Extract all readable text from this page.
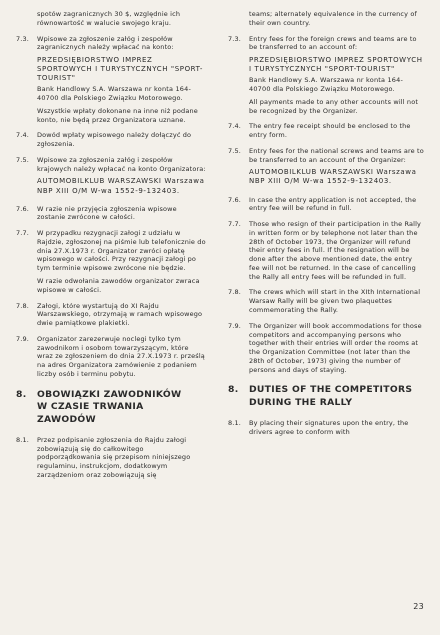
spotów zagranicznych 30 $, względnie ich równowartość w walucie swojego kraju.

7.3.	Wpisowe za zgłoszenie załóg i zespołów zagranicznych należy wpłacać na konto:

PRZEDSIĘBIORSTWO IMPREZ SPORTOWYCH I TURYSTYCZNYCH "SPORT-TOURIST"

Bank Handlowy S.A. Warszawa nr konta 164-40700 dla Polskiego Związku Motorowego.

Wszystkie wpłaty dokonane na inne niż podane konto, nie będą przez Organizatora uznane.

7.4.	Dowód wpłaty wpisowego należy dołączyć do zgłoszenia.

7.5.	Wpisowe za zgłoszenia załóg i zespołów krajowych należy wpłacać na konto Organizatora:

AUTOMOBILKLUB WARSZAWSKI Warszawa NBP XIII O/M W-wa 1552-9-132403.

7.6.	W razie nie przyjęcia zgłoszenia wpisowe zostanie zwrócone w całości.

7.7.	W przypadku rezygnacji załogi z udziału w Rajdzie, zgłoszonej na piśmie lub telefonicznie do dnia 27.X.1973 r. Organizator zwróci opłatę wpisowego w całości. Przy rezygnacji załogi po tym terminie wpisowe zwrócone nie będzie.

W razie odwołania zawodów organizator zwraca wpisowe w całości.

7.8.	Załogi, które wystartują do XI Rajdu Warszawskiego, otrzymają w ramach wpisowego dwie pamiątkowe plakietki.

7.9.	Organizator zarezerwuje noclegi tylko tym zawodnikom i osobom towarzyszącym, które wraz ze zgłoszeniem do dnia 27.X.1973 r. prześlą na adres Organizatora zamówienie z podaniem liczby osób i terminu pobytu.

8.	OBOWIĄZKI ZAWODNIKÓW
W CZASIE TRWANIA ZAWODÓW
8.1.	Przez podpisanie zgłoszenia do Rajdu załogi zobowiązują się do całkowitego podporządkowania się przepisom niniejszego regulaminu, instrukcjom, dodatkowym zarządzeniom oraz zobowiązują się

teams; alternately equivalence in the currency of their own country.

7.3.	Entry fees for the foreign crews and teams are to be transferred to an account of:

PRZEDSIĘBIORSTWO IMPREZ SPORTOWYCH I TURYSTYCZNYCH "SPORT-TOURIST"

Bank Handlowy S.A. Warszawa nr konta 164-40700 dla Polskiego Związku Motorowego.

All payments made to any other accounts will not be recognized by the Organizer.

7.4.	The entry fee receipt should be enclosed to the entry form.

7.5.	Entry fees for the national screws and teams are to be transferred to an account of the Organizer:

AUTOMOBILKLUB WARSZAWSKI Warszawa NBP XIII O/M W-wa 1552-9-132403.

7.6.	In case the entry application is not accepted, the entry fee will be refund in full.

7.7.	Those who resign of their participation in the Rally in written form or by telephone not later than the 28th of October 1973, the Organizer will refund their entry fees in full. If the resignation will be done after the above mentioned date, the entry fee will not be returned. In the case of cancelling the Rally all entry fees will be refunded in full.

7.8.	The crews which will start in the XIth International Warsaw Rally will be given two plaquettes commemorating the Rally.

7.9.	The Organizer will book accommodations for those competitors and accompanying persons who together with their entries will order the rooms at the Organization Committee (not later than the 28th of October, 1973) giving the number of persons and days of staying.

8.	DUTIES OF THE COMPETITORS
DURING THE RALLY
8.1.	By placing their signatures upon the entry, the drivers agree to conform with

23
